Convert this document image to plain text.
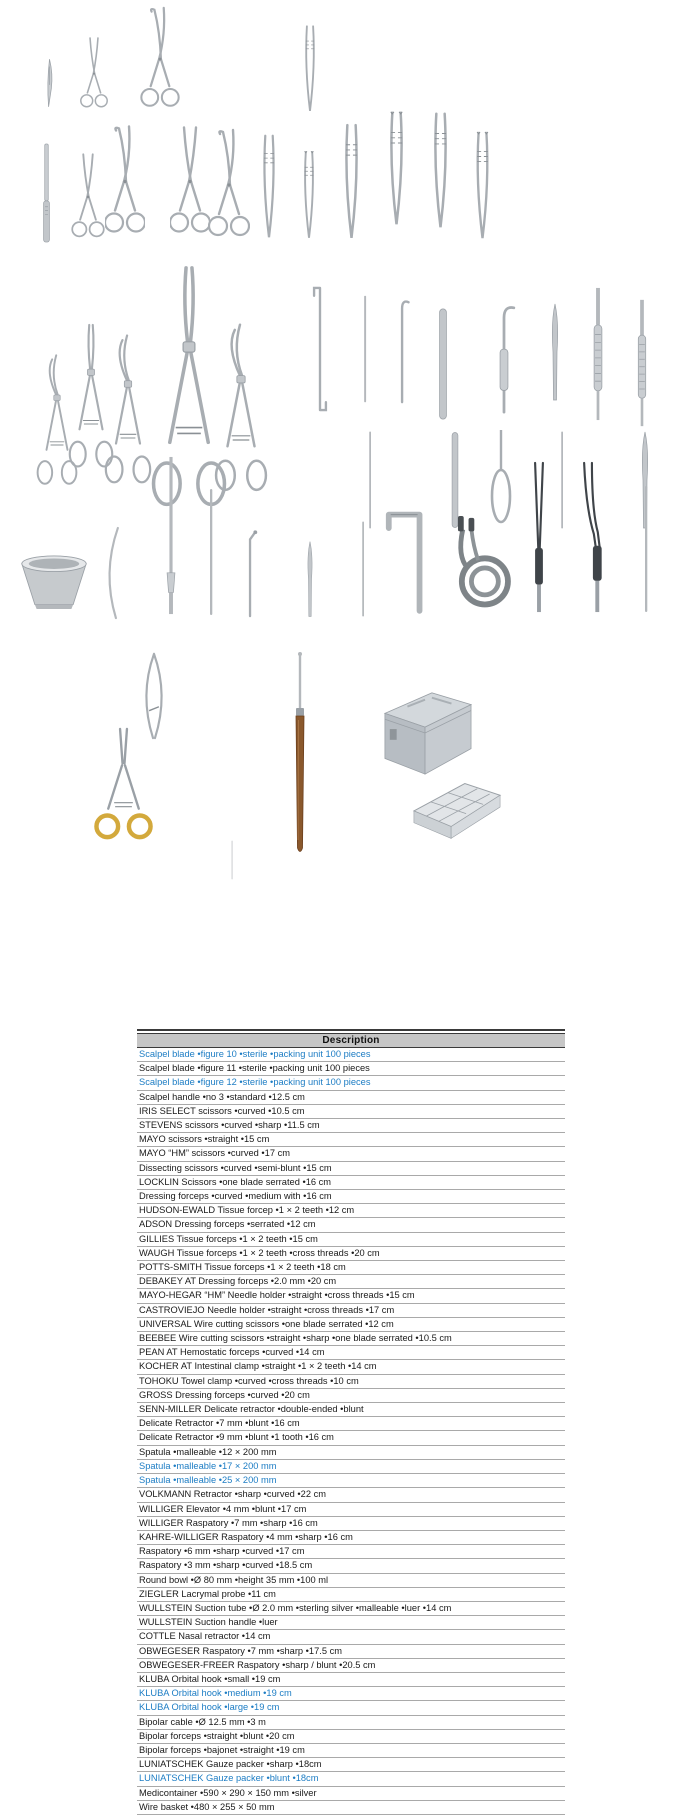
Description
Scalpel blade •figure 10 •sterile •packing unit 100 pieces
Scalpel blade •figure 11 •sterile •packing unit 100 pieces
Scalpel blade •figure 12 •sterile •packing unit 100 pieces
Scalpel handle •no 3 •standard •12.5 cm
IRIS SELECT scissors •curved •10.5 cm
STEVENS scissors •curved •sharp •11.5 cm
MAYO scissors •straight •15 cm
MAYO “HM” scissors •curved •17 cm
Dissecting scissors •curved •semi-blunt •15 cm
LOCKLIN Scissors •one blade serrated •16 cm
Dressing forceps •curved •medium with •16 cm
HUDSON-EWALD Tissue forcep •1 × 2 teeth •12 cm
ADSON Dressing forceps •serrated •12 cm
GILLIES Tissue forceps •1 × 2 teeth •15 cm
WAUGH Tissue forceps •1 × 2 teeth •cross threads •20 cm
POTTS-SMITH Tissue forceps •1 × 2 teeth •18 cm
DEBAKEY AT Dressing forceps •2.0 mm •20 cm
MAYO-HEGAR “HM” Needle holder •straight •cross threads •15 cm
CASTROVIEJO Needle holder •straight •cross threads •17 cm
UNIVERSAL Wire cutting scissors •one blade serrated •12 cm
BEEBEE Wire cutting scissors •straight •sharp •one blade serrated •10.5 cm
PEAN AT Hemostatic forceps •curved •14 cm
KOCHER AT Intestinal clamp •straight •1 × 2 teeth •14 cm
TOHOKU Towel clamp •curved •cross threads •10 cm
GROSS Dressing forceps •curved •20 cm
SENN-MILLER Delicate retractor •double-ended •blunt
Delicate Retractor •7 mm •blunt •16 cm
Delicate Retractor •9 mm •blunt •1 tooth •16 cm
Spatula •malleable •12 × 200 mm
Spatula •malleable •17 × 200 mm
Spatula •malleable •25 × 200 mm
VOLKMANN Retractor •sharp •curved •22 cm
WILLIGER Elevator •4 mm •blunt •17 cm
WILLIGER Raspatory •7 mm •sharp •16 cm
KAHRE-WILLIGER Raspatory •4 mm •sharp •16 cm
Raspatory •6 mm •sharp •curved •17 cm
Raspatory •3 mm •sharp •curved •18.5 cm
Round bowl •Ø 80 mm •height 35 mm •100 ml
ZIEGLER Lacrymal probe •11 cm
WULLSTEIN Suction tube •Ø 2.0 mm •sterling silver •malleable •luer •14 cm
WULLSTEIN Suction handle •luer
COTTLE Nasal retractor •14 cm
OBWEGESER Raspatory •7 mm •sharp •17.5 cm
OBWEGESER-FREER Raspatory •sharp / blunt •20.5 cm
KLUBA Orbital hook •small •19 cm
KLUBA Orbital hook •medium •19 cm
KLUBA Orbital hook •large •19 cm
Bipolar cable •Ø 12.5 mm •3 m
Bipolar forceps •straight •blunt •20 cm
Bipolar forceps •bajonet •straight •19 cm
LUNIATSCHEK Gauze packer •sharp •18cm
LUNIATSCHEK Gauze packer •blunt •18cm
Medicontainer •590 × 290 × 150 mm •silver
Wire basket •480 × 255 × 50 mm
